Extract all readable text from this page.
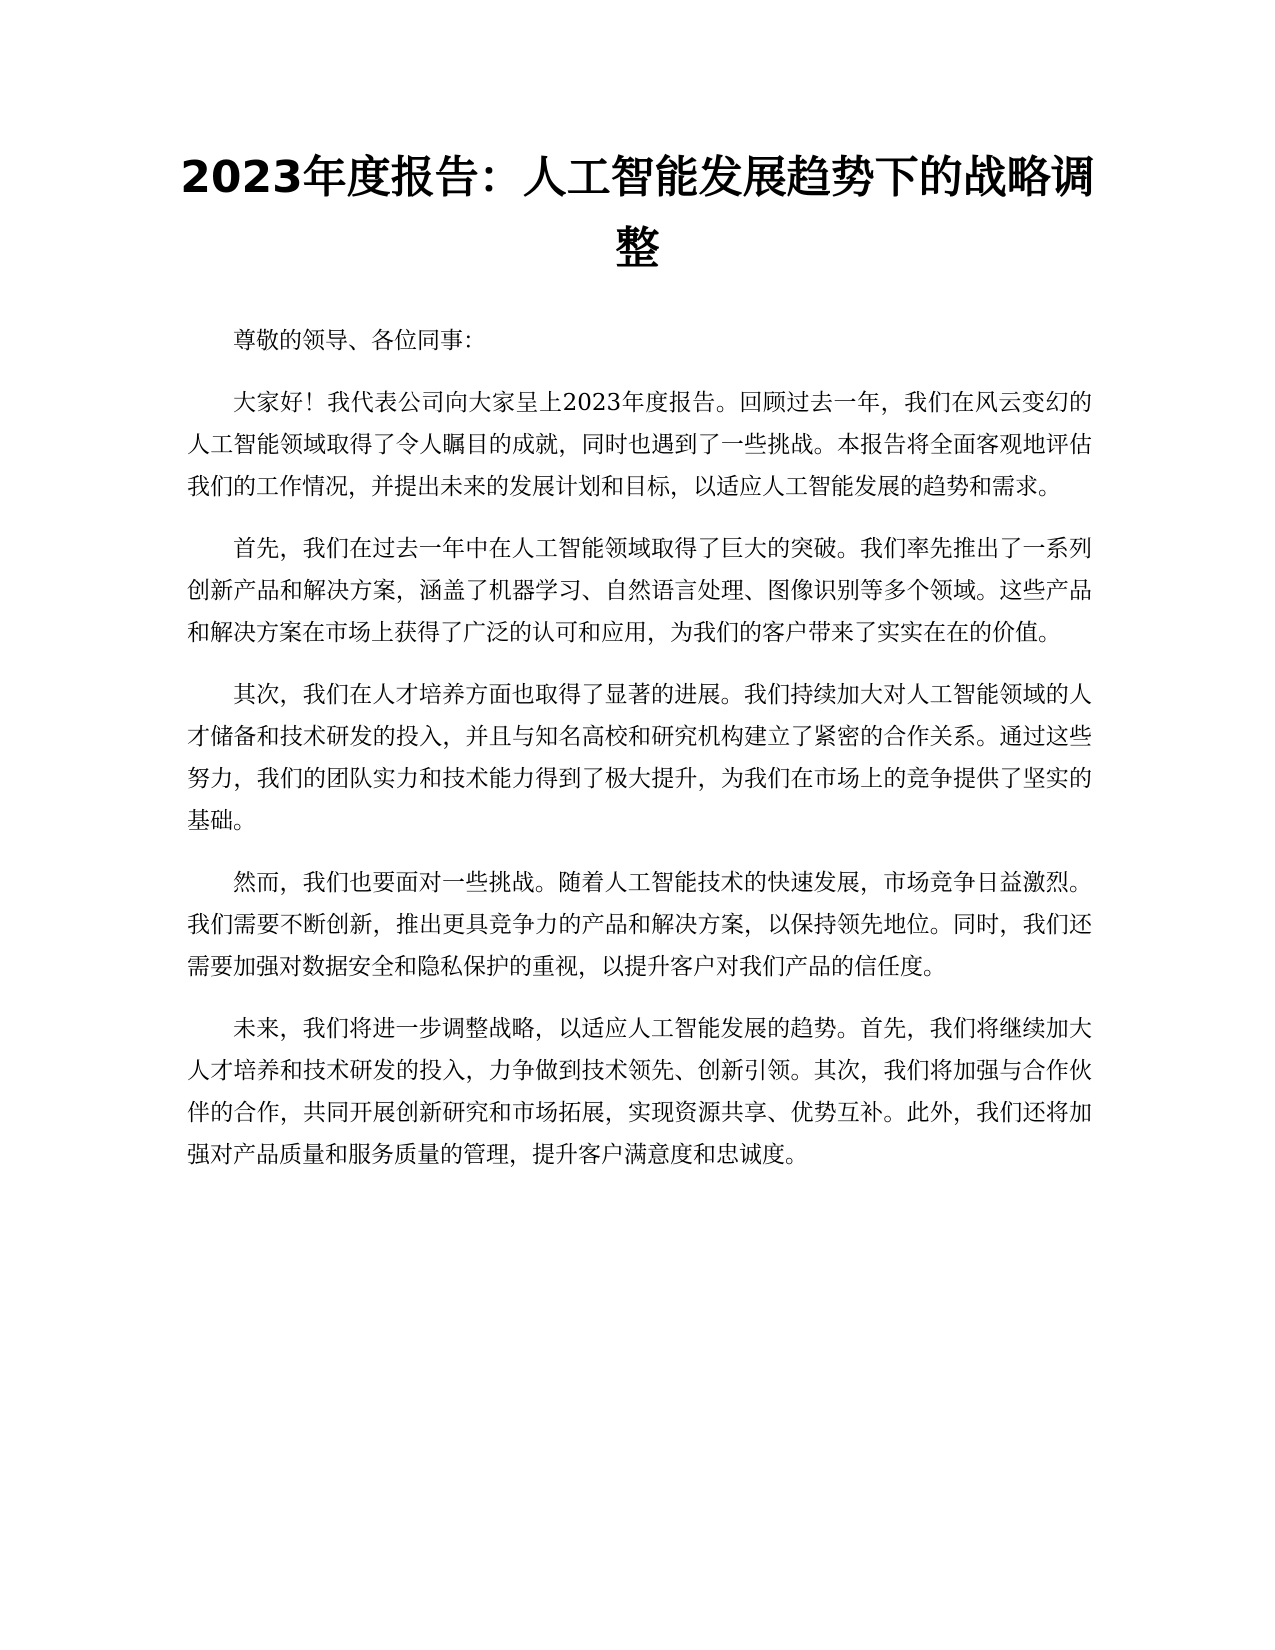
2023年度报告：人工智能发展趋势下的战略调整

尊敬的领导、各位同事：

大家好！我代表公司向大家呈上2023年度报告。回顾过去一年，我们在风云变幻的人工智能领域取得了令人瞩目的成就，同时也遇到了一些挑战。本报告将全面客观地评估我们的工作情况，并提出未来的发展计划和目标，以适应人工智能发展的趋势和需求。

首先，我们在过去一年中在人工智能领域取得了巨大的突破。我们率先推出了一系列创新产品和解决方案，涵盖了机器学习、自然语言处理、图像识别等多个领域。这些产品和解决方案在市场上获得了广泛的认可和应用，为我们的客户带来了实实在在的价值。

其次，我们在人才培养方面也取得了显著的进展。我们持续加大对人工智能领域的人才储备和技术研发的投入，并且与知名高校和研究机构建立了紧密的合作关系。通过这些努力，我们的团队实力和技术能力得到了极大提升，为我们在市场上的竞争提供了坚实的基础。

然而，我们也要面对一些挑战。随着人工智能技术的快速发展，市场竞争日益激烈。我们需要不断创新，推出更具竞争力的产品和解决方案，以保持领先地位。同时，我们还需要加强对数据安全和隐私保护的重视，以提升客户对我们产品的信任度。

未来，我们将进一步调整战略，以适应人工智能发展的趋势。首先，我们将继续加大人才培养和技术研发的投入，力争做到技术领先、创新引领。其次，我们将加强与合作伙伴的合作，共同开展创新研究和市场拓展，实现资源共享、优势互补。此外，我们还将加强对产品质量和服务质量的管理，提升客户满意度和忠诚度。
